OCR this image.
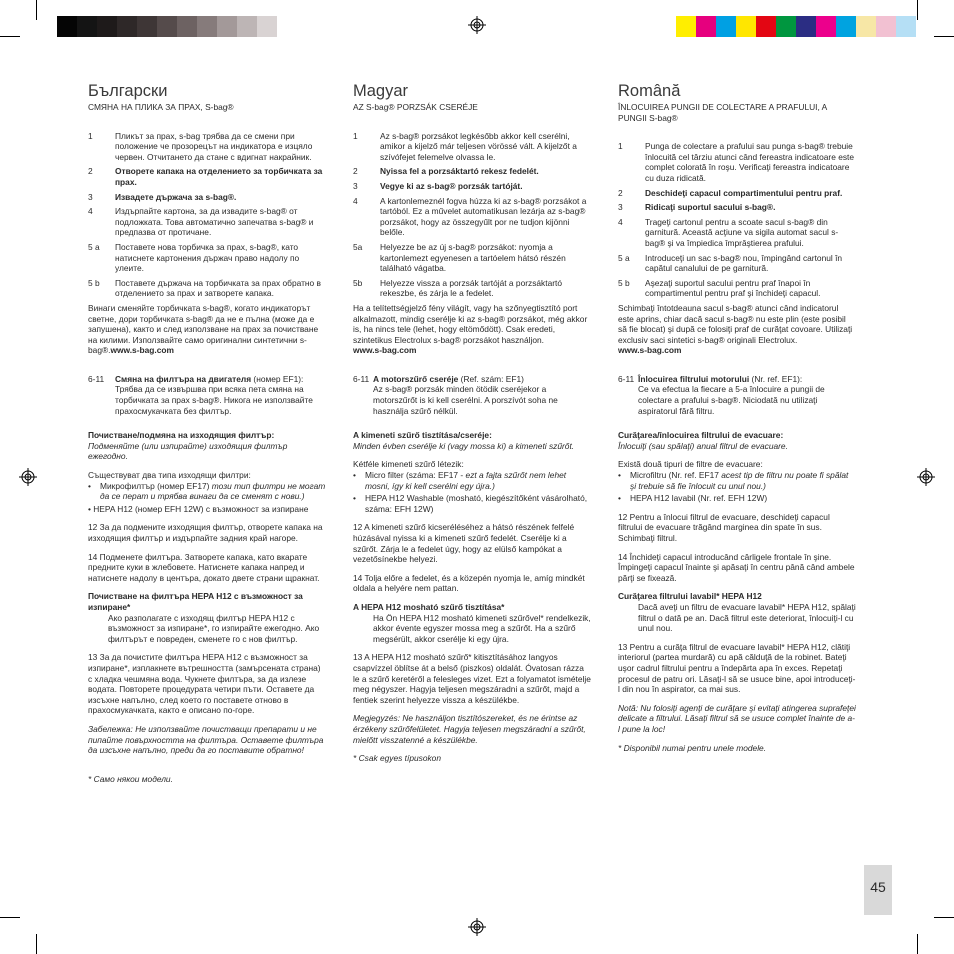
Български
СМЯНА НА ПЛИКА ЗА ПРАХ, S-bag®
1	Пликът за прах, s-bag трябва да се смени при положение че прозорецът на индикатора е изцяло червен. Отчитането да стане с вдигнат накрайник.
2	Отворете капака на отделението за торбичката за прах.
3	Извадете държача за s-bag®.
4	Издърпайте картона, за да извадите s-bag® от подложката. Това автоматично запечатва s-bag® и предпазва от протичане.
5 a	Поставете нова торбичка за прах, s-bag®, като натиснете картонения държач право надолу по улеите.
5 b	Поставете държача на торбичката за прах обратно в отделението за прах и затворете капака.

Винаги сменяйте торбичката s-bag®, когато индикаторът светне, дори торбичката s-bag® да не е пълна (може да е запушена), както и след използване на прах за почистване на килими. Използвайте само оригинални синтетични s-bag®.www.s-bag.com

6-11	Смяна на филтъра на двигателя (номер EF1):
Трябва да се извършва при всяка пета смяна на торбичката за прах s-bag®. Никога не използвайте прахосмукачката без филтър.
Почистване/подмяна на изходящия филтър:

Подменяйте (или изпирайте) изходящия филтър ежегодно.

Съществуват два типа изходящи филтри:
•	Микрофилтър (номер EF17) този тип филтри не могат да се перат и трябва винаги да се сменят с нови.)

• HEPA H12 (номер EFH 12W) с възможност за изпиране

12 За да подмените изходящия филтър, отворете капака на изходящия филтър и издърпайте задния край нагоре.

14 Подменете филтъра. Затворете капака, като вкарате предните куки в жлебовете. Натиснете капака напред и натиснете надолу в центъра, докато двете страни щракнат.

Почистване на филтъра HEPA H12 с възможност за изпиране*

Ако разполагате с изходящ филтър HEPA H12 с възможност за изпиране*, го изпирайте ежегодно. Ако филтърът е повреден, сменете го с нов филтър.

13 За да почистите филтъра HEPA H12 с възможност за изпиране*, изплакнете вътрешността (замърсената страна) с хладка чешмяна вода. Чукнете филтъра, за да излезе водата. Повторете процедурата четири пъти. Оставете да изсъхне напълно, след което го поставете отново в прахосмукачката, както е описано по-горе.

Забележка: Не използвайте почистващи препарати и не пипайте повърхността на филтъра. Оставете филтъра да изсъхне напълно, преди да го поставите обратно!

* Само някои модели.
Magyar
AZ S-bag® PORZSÁK CSERÉJE
1	Az s-bag® porzsákot legkésőbb akkor kell cserélni, amikor a kijelző már teljesen vörössé vált. A kijelzőt a szívófejet felemelve olvassa le.
2	Nyissa fel a porzsáktartó rekesz fedelét.
3	Vegye ki az s-bag® porzsák tartóját.
4	A kartonlemeznél fogva húzza ki az s-bag® porzsákot a tartóból. Ez a művelet automatikusan lezárja az s-bag® porzsákot, hogy az összegyűlt por ne tudjon kijönni belőle.
5a	Helyezze be az új s-bag® porzsákot: nyomja a kartonlemezt egyenesen a tartóelem hátsó részén található vágatba.
5b	Helyezze vissza a porzsák tartóját a porzsáktartó rekeszbe, és zárja le a fedelet.

Ha a telítettségjelző fény világít, vagy ha szőnyegtisztító port alkalmazott, mindig cserélje ki az s-bag® porzsákot, még akkor is, ha nincs tele (lehet, hogy eltömődött). Csak eredeti, szintetikus Electrolux s-bag® porzsákot használjon.
www.s-bag.com

6-11 A motorszűrő cseréje (Ref. szám: EF1)
Az s-bag® porzsák minden ötödik cseréjekor a motorszűrőt is ki kell cserélni. A porszívót soha ne használja szűrő nélkül.
A kimeneti szűrő tisztítása/cseréje:

Minden évben cserélje ki (vagy mossa ki) a kimeneti szűrőt.

Kétféle kimeneti szűrő létezik:
•	Micro filter (száma: EF17 - ezt a fajta szűrőt nem lehet mosni, így ki kell cserélni egy újra.)
•	HEPA H12 Washable (mosható, kiegészítőként vásárolható, száma: EFH 12W)

12 A kimeneti szűrő kicseréléséhez a hátsó részének felfelé húzásával nyissa ki a kimeneti szűrő fedelét. Cserélje ki a szűrőt. Zárja le a fedelet úgy, hogy az elülső kampókat a vezetősínekbe helyezi.

14 Tolja előre a fedelet, és a közepén nyomja le, amíg mindkét oldala a helyére nem pattan.

A HEPA H12 mosható szűrő tisztítása*

Ha Ön HEPA H12 mosható kimeneti szűrővel* rendelkezik, akkor évente egyszer mossa meg a szűrőt. Ha a szűrő megsérült, akkor cserélje ki egy újra.

13 A HEPA H12 mosható szűrő* kitisztításához langyos csapvízzel öblítse át a belső (piszkos) oldalát. Óvatosan rázza le a szűrő keretéről a felesleges vizet. Ezt a folyamatot ismételje meg négyszer. Hagyja teljesen megszáradni a szűrőt, majd a fentiek szerint helyezze vissza a készülékbe.

Megjegyzés: Ne használjon tisztítószereket, és ne érintse az érzékeny szűrőfelületet. Hagyja teljesen megszáradni a szűrőt, mielőtt visszatenné a készülékbe.

* Csak egyes típusokon
Română
ÎNLOCUIREA PUNGII DE COLECTARE A PRAFULUI, A PUNGII S-bag®
1	Punga de colectare a prafului sau punga s-bag® trebuie înlocuită cel târziu atunci când fereastra indicatoare este complet colorată în roşu. Verificaţi fereastra indicatoare cu duza ridicată.
2	Deschideţi capacul compartimentului pentru praf.
3	Ridicaţi suportul sacului s-bag®.
4	Trageţi cartonul pentru a scoate sacul s-bag® din garnitură. Aceastǎ acţiune va sigila automat sacul s-bag® şi va împiedica împrǎştierea prafului.
5 a	Introduceţi un sac s-bag® nou, împingând cartonul în capătul canalului de pe garnitură.
5 b	Aşezaţi suportul sacului pentru praf înapoi în compartimentul pentru praf şi închideţi capacul.

Schimbaţi întotdeauna sacul s-bag® atunci când indicatorul este aprins, chiar dacă sacul s-bag® nu este plin (este posibil să fie blocat) şi după ce folosiţi praf de curăţat covoare. Utilizaţi exclusiv saci sintetici s-bag® originali Electrolux.
www.s-bag.com

6-11 Înlocuirea filtrului motorului (Nr. ref. EF1):
Ce va efectua la fiecare a 5-a înlocuire a pungii de colectare a prafului s-bag®. Niciodată nu utilizaţi aspiratorul fără filtru.
Curăţarea/înlocuirea filtrului de evacuare:

Înlocuiţi (sau spălaţi) anual filtrul de evacuare.

Există două tipuri de filtre de evacuare:
•	Microfiltru (Nr. ref. EF17 acest tip de filtru nu poate fi spălat şi trebuie să fie înlocuit cu unul nou.)
•	HEPA H12 lavabil (Nr. ref. EFH 12W)

12 Pentru a înlocui filtrul de evacuare, deschideţi capacul filtrului de evacuare trăgând marginea din spate în sus. Schimbaţi filtrul.

14 Închideţi capacul introducând cârligele frontale în şine. Împingeţi capacul înainte şi apăsaţi în centru până când ambele părţi se fixează.

Curăţarea filtrului lavabil* HEPA H12

Dacă aveţi un filtru de evacuare lavabil* HEPA H12, spălaţi filtrul o dată pe an. Dacă filtrul este deteriorat, înlocuiţi-l cu unul nou.

13 Pentru a curăţa filtrul de evacuare lavabil* HEPA H12, clătiţi interiorul (partea murdară) cu apă călduţă de la robinet. Bateţi uşor cadrul filtrului pentru a îndepărta apa în exces. Repetaţi procesul de patru ori. Lăsaţi-l să se usuce bine, apoi introduceţi-l din nou în aspirator, ca mai sus.

Notă: Nu folosiţi agenţi de curăţare şi evitaţi atingerea suprafeţei delicate a filtrului. Lăsaţi filtrul să se usuce complet înainte de a-l pune la loc!

* Disponibil numai pentru unele modele.
45
